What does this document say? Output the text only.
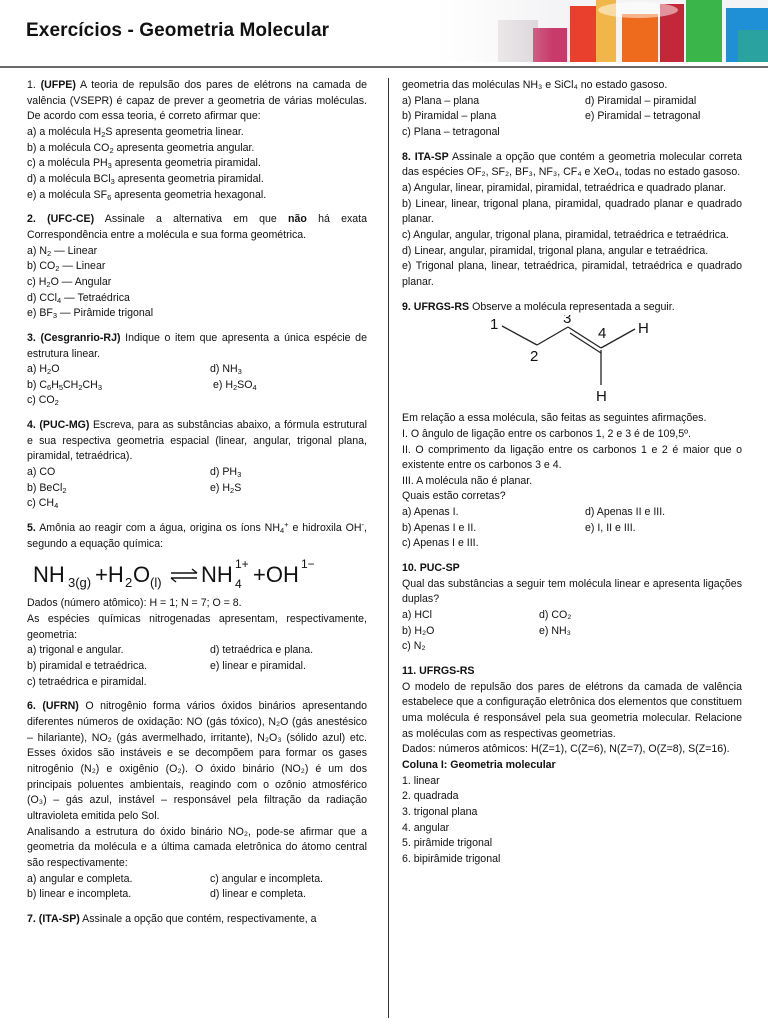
Exercícios - Geometria Molecular

1. (UFPE) A teoria de repulsão dos pares de elétrons na camada de valência (VSEPR) é capaz de prever a geometria de várias moléculas. De acordo com essa teoria, é correto afirmar que:

a) a molécula $H_2S$ apresenta geometria linear.

b) a molécula $CO_2$ apresenta geometria angular.

c) a molécula $PH_3$ apresenta geometria piramidal.

d) a molécula BCl$_3$ apresenta geometria piramidal.

e) a molécula $SF_6$ apresenta geometria hexagonal.

2. (UFC-CE) Assinale a alternativa em que não há exata Correspondência entre a molécula e sua forma geométrica.

a) $N_2$ — Linear

b) $CO_2$ — Linear

c) $H_2O$ — Angular

d) CCl$_4$ — Tetraédrica

e) $BF_3$ — Pirâmide trigonal

3. (Cesgranrio-RJ) Indique o item que apresenta a única espécie de estrutura linear.

a) $H_2O$	d) $NH_3$

b) $C_6H_5CH_2CH_3$	e) $H_2SO_4$

c) $CO_2$

4. (PUC-MG) Escreva, para as substâncias abaixo, a fórmula estrutural e sua respectiva geometria espacial (linear, angular, trigonal plana, piramidal, tetraédrica).

a) CO	d) $PH_3$

b) BeCl$_2$	e) $H_2S$

c) $CH_4$

5. Amônia ao reagir com a água, origina os íons $NH_4^+$ e hidroxila OH-, segundo a equação química:

NH 3(g) +H 2 O (l) NH 4
1+ +OH 1−

Dados (número atômico): H = 1; N = 7; O = 8.

As espécies químicas nitrogenadas apresentam, respectivamente, geometria:

a) trigonal e angular.	d) tetraédrica e plana.

b) piramidal e tetraédrica.	e) linear e piramidal.

c) tetraédrica e piramidal.

6. (UFRN) O nitrogênio forma vários óxidos binários apresentando diferentes números de oxidação: NO (gás tóxico), N₂O (gás anestésico – hilariante), NO₂ (gás avermelhado, irritante), N₂O₃ (sólido azul) etc. Esses óxidos são instáveis e se decompõem para formar os gases nitrogênio (N₂) e oxigênio (O₂). O óxido binário (NO₂) é um dos principais poluentes ambientais, reagindo com o ozônio atmosférico (O₃) – gás azul, instável – responsável pela filtração da radiação ultravioleta emitida pelo Sol.

Analisando a estrutura do óxido binário NO₂, pode-se afirmar que a geometria da molécula e a última camada eletrônica do átomo central são respectivamente:

a) angular e completa.	c) angular e incompleta.

b) linear e incompleta.	d) linear e completa.

7. (ITA-SP) Assinale a opção que contém, respectivamente, a

geometria das moléculas NH₃ e SiCl₄ no estado gasoso.

a) Plana – plana	d) Piramidal – piramidal

b) Piramidal – plana	e) Piramidal – tetragonal

c) Plana – tetragonal

8. ITA-SP Assinale a opção que contém a geometria molecular correta das espécies OF₂, SF₂, BF₃, NF₃, CF₄ e XeO₄, todas no estado gasoso.

a) Angular, linear, piramidal, piramidal, tetraédrica e quadrado planar.

b) Linear, linear, trigonal plana, piramidal, quadrado planar e quadrado planar.

c) Angular, angular, trigonal plana, piramidal, tetraédrica e tetraédrica.

d) Linear, angular, piramidal, trigonal plana, angular e tetraédrica.

e) Trigonal plana, linear, tetraédrica, piramidal, tetraédrica e quadrado planar.

9. UFRGS-RS Observe a molécula representada a seguir.

1
2
3
4 H
H

Em relação a essa molécula, são feitas as seguintes afirmações.

I. O ângulo de ligação entre os carbonos 1, 2 e 3 é de 109,5º.

II. O comprimento da ligação entre os carbonos 1 e 2 é maior que o existente entre os carbonos 3 e 4.

III. A molécula não é planar.

Quais estão corretas?

a) Apenas I.	d) Apenas II e III.

b) Apenas I e II.	e) I, II e III.

c) Apenas I e III.

10. PUC-SP

Qual das substâncias a seguir tem molécula linear e apresenta ligações duplas?

a) HCl	d) CO₂

b) H₂O	e) NH₃

c) N₂

11. UFRGS-RS

O modelo de repulsão dos pares de elétrons da camada de valência estabelece que a configuração eletrônica dos elementos que constituem uma molécula é responsável pela sua geometria molecular. Relacione as moléculas com as respectivas geometrias.

Dados: números atômicos: H(Z=1), C(Z=6), N(Z=7), O(Z=8), S(Z=16).

Coluna I: Geometria molecular

1. linear

2. quadrada

3. trigonal plana

4. angular

5. pirâmide trigonal

6. bipirâmide trigonal
